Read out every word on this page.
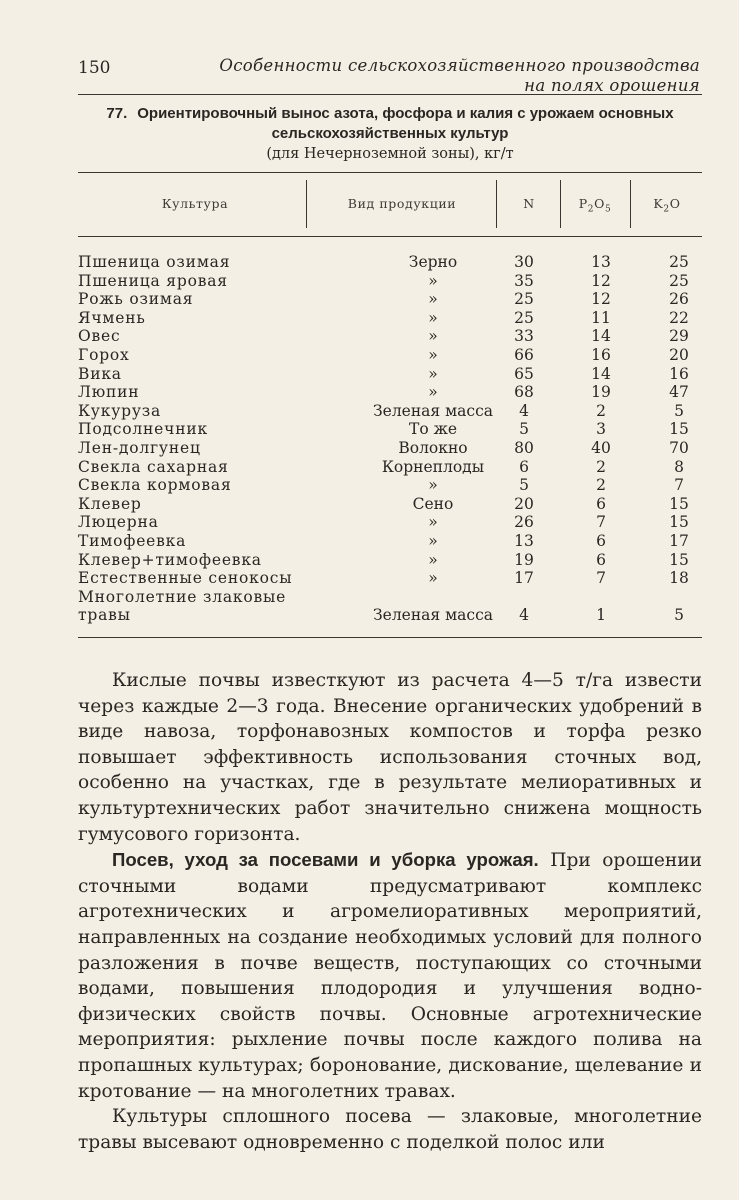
150	Особенности сельскохозяйственного производства
на полях орошения
77. Ориентировочный вынос азота, фосфора и калия с урожаем основных сельскохозяйственных культур
(для Нечерноземной зоны), кг/т
Культура	Вид продукции	N	$P_2O_5$	$K_2O$
Пшеница озимая	Зерно	30	13	25
Пшеница яровая	»	35	12	25
Рожь озимая	»	25	12	26
Ячмень	»	25	11	22
Овес	»	33	14	29
Горох	»	66	16	20
Вика	»	65	14	16
Люпин	»	68	19	47
Кукуруза	Зеленая масса	4	2	5
Подсолнечник	То же	5	3	15
Лен-долгунец	Волокно	80	40	70
Свекла сахарная	Корнеплоды	6	2	8
Свекла кормовая	»	5	2	7
Клевер	Сено	20	6	15
Люцерна	»	26	7	15
Тимофеевка	»	13	6	17
Клевер+тимофеевка	»	19	6	15
Естественные сенокосы	»	17	7	18
Многолетние злаковые
травы	Зеленая масса	4	1	5

Кислые почвы известкуют из расчета 4—5 т/га извести через каждые 2—3 года. Внесение органических удобрений в виде навоза, торфонавозных компостов и торфа резко повышает эффективность использования сточных вод, особенно на участках, где в результате мелиоративных и культуртехнических работ значительно снижена мощность гумусового горизонта.

Посев, уход за посевами и уборка урожая. При орошении сточными водами предусматривают комплекс агротехнических и агромелиоративных мероприятий, направленных на создание необходимых условий для полного разложения в почве веществ, поступающих со сточными водами, повышения плодородия и улучшения водно-физических свойств почвы. Основные агротехнические мероприятия: рыхление почвы после каждого полива на пропашных культурах; боронование, дискование, щелевание и кротование — на многолетних травах.

Культуры сплошного посева — злаковые, многолетние травы высевают одновременно с поделкой полос или
